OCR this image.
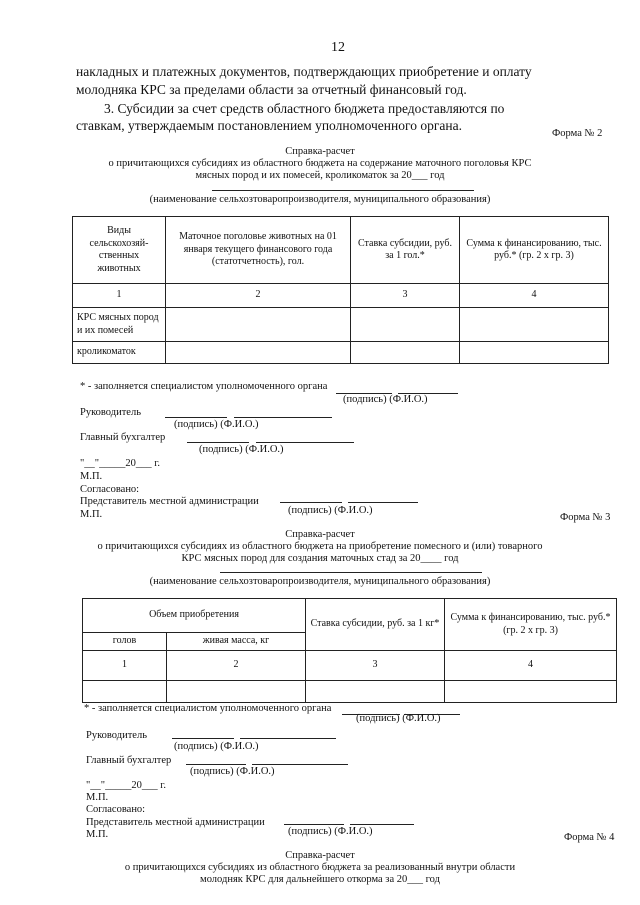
12
накладных и платежных документов, подтверждающих приобретение и оплату
молодняка КРС за пределами области за отчетный финансовый год.
3. Субсидии за счет средств областного бюджета предоставляются по
ставкам, утверждаемым постановлением уполномоченного органа.
Форма № 2
Справка-расчет
о причитающихся субсидиях из областного бюджета на содержание маточного поголовья КРС
мясных пород и их помесей, кроликоматок за 20___ год
(наименование сельхозтоваропроизводителя, муниципального образования)
Виды сельскохозяй-ственных животных	Маточное поголовье животных на 01 января текущего финансового года (статотчетность), гол.	Ставка субсидии, руб. за 1 гол.*	Сумма к финансированию, тыс. руб.* (гр. 2 х гр. 3)
1	2	3	4
КРС мясных пород и их помесей			
кроликоматок			
* - заполняется специалистом уполномоченного органа
(подпись) (Ф.И.О.)
Руководитель
(подпись) (Ф.И.О.)
Главный бухгалтер
(подпись) (Ф.И.О.)
"__"_____20___ г.
М.П.
Согласовано:
Представитель местной администрации
М.П.	(подпись) (Ф.И.О.)
Форма № 3
Справка-расчет
о причитающихся субсидиях из областного бюджета на приобретение помесного и (или) товарного
КРС мясных пород для создания маточных стад за 20____ год
(наименование сельхозтоваропроизводителя, муниципального образования)
Объем приобретения		Ставка субсидии, руб. за 1 кг*	Сумма к финансированию, тыс. руб.* (гр. 2 х гр. 3)
голов	живая масса, кг		
1	2	3	4

* - заполняется специалистом уполномоченного органа
(подпись) (Ф.И.О.)
Руководитель
(подпись) (Ф.И.О.)
Главный бухгалтер
(подпись) (Ф.И.О.)
"__"_____20___ г.
М.П.
Согласовано:
Представитель местной администрации
М.П.	(подпись) (Ф.И.О.)
Форма № 4
Справка-расчет
о причитающихся субсидиях из областного бюджета за реализованный внутри области
молодняк КРС для дальнейшего откорма за 20___ год
